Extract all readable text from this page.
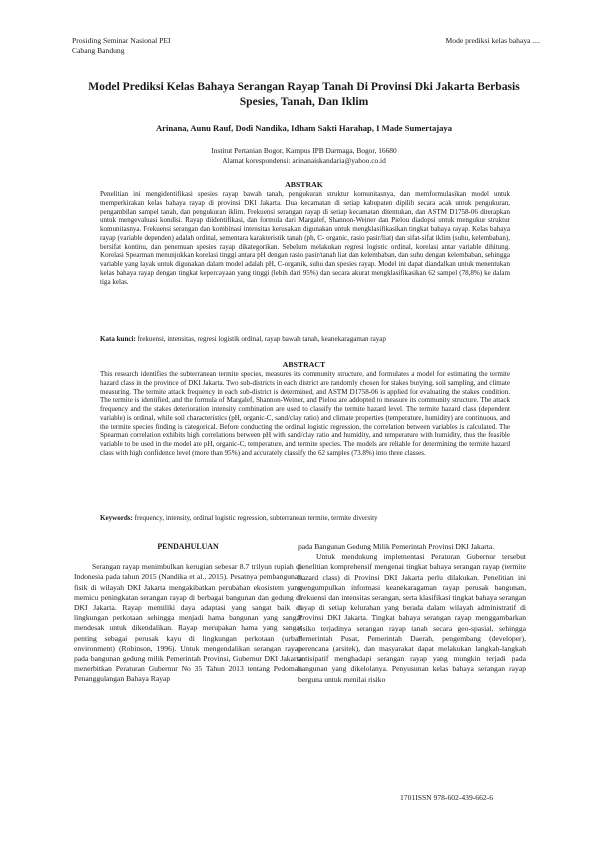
Prosiding Seminar Nasional PEI
Cabang Bandung
Mode prediksi kelas bahaya ....
Model Prediksi Kelas Bahaya Serangan Rayap Tanah Di Provinsi Dki Jakarta Berbasis Spesies, Tanah, Dan Iklim
Arinana, Aunu Rauf, Dodi Nandika, Idham Sakti Harahap, I Made Sumertajaya
Institut Pertanian Bogor, Kampus IPB Darmaga, Bogor, 16680
Alamat korespondensi: arinanaiskandaria@yahoo.co.id
ABSTRAK
Penelitian ini mengidentifikasi spesies rayap bawah tanah, pengukuran struktur komunitasnya, dan memformulasikan model untuk memperkirakan kelas bahaya rayap di provinsi DKI Jakarta. Dua kecamatan di setiap kabupaten dipilih secara acak untuk pengukuran, pengambilan sampel tanah, dan pengukuran iklim. Frekuensi serangan rayap di setiap kecamatan ditentukan, dan ASTM D1758-06 diterapkan untuk mengevaluasi kondisi. Rayap diidentifikasi, dan formula dari Margalef, Shannon-Weiner dan Pielou diadopsi untuk mengukur struktur komunitasnya. Frekuensi serangan dan kombinasi intensitas kerusakan digunakan untuk mengklasifikasikan tingkat bahaya rayap. Kelas bahaya rayap (variable dependen) adalah ordinal, sementara karakteristik tanah (ph, C- organic, rasio pasir/liat) dan sifat-sifat iklim (suhu, kelembaban), bersifat kontinu, dan penemuan spesies rayap dikategorikan. Sebelum melakukan regresi logistic ordinal, korelasi antar variable dihitung. Korelasi Spearman menunjukkan korelasi tinggi antara pH dengan rasio pasir/tanah liat dan kelembaban, dan suhu dengan kelembaban, sehingga variable yang layak untuk digunakan dalam model adalah pH, C-organik, suhu dan spesies rayap. Model ini dapat diandalkan untuk menentukan kelas bahaya rayap dengan tingkat kepercayaan yang tinggi (lebih dari 95%) dan secara akurat mengklasifikasikan 62 sampel (78,8%) ke dalam tiga kelas.
Kata kunci: frekuensi, intensitas, regresi logistik ordinal, rayap bawah tanah, keanekaragaman rayap
ABSTRACT
This research identifies the subterranean termite species, measures its community structure, and formulates a model for estimating the termite hazard class in the province of DKI Jakarta. Two sub-districts in each district are randomly chosen for stakes burying, soil sampling, and climate measuring. The termite attack frequency in each sub-district is determined, and ASTM D1758-06 is applied for evaluating the stakes condition. The termite is identified, and the formula of Margalef, Shannon-Weiner, and Pielou are addopted to measure its community structure. The attack frequency and the stakes deterioration intensity combination are used to classify the termite hazard level. The termite hazard class (dependent variable) is ordinal, while soil characteristics (pH, organic-C, sand/clay ratio) and climate properties (temperature, humidity) are continuous, and the termite species finding is categorical. Before conducting the ordinal logistic regression, the correlation between variables is calculated. The Spearman correlation exhibits high correlations between pH with sand/clay ratio and humidity, and temperature with humidity, thus the feasible variable to be used in the model are pH, organic-C, temperature, and termite species. The models are reliable for determining the termite hazard class with high confidence level (more than 95%) and accurately classify the 62 samples (73.8%) into three classes.
Keywords: frequency, intensity, ordinal logistic regression, subterranean termite, termite diversity

PENDAHULUAN

Serangan rayap menimbulkan kerugian sebesar 8.7 trilyun rupiah di Indonesia pada tahun 2015 (Nandika et al., 2015). Pesatnya pembangunan fisik di wilayah DKI Jakarta mengakibatkan perubahan ekosistem yang memicu peningkatan serangan rayap di berbagai bangunan dan gedung di DKI Jakarta. Rayap memiliki daya adaptasi yang sangat baik di lingkungan perkotaan sehingga menjadi hama bangunan yang sangat mendesak untuk dikendalikan. Rayap merupakan hama yang sangat penting sebagai perusak kayu di lingkungan perkotaan (urban environment) (Robinson, 1996). Untuk mengendalikan serangan rayap pada bangunan gedung milik Pemerintah Provinsi, Gubernur DKI Jakarta menerbitkan Peraturan Gubernur No 35 Tahun 2013 tentang Pedoman Penanggulangan Bahaya Rayap

pada Bangunan Gedung Milik Pemerintah Provinsi DKI Jakarta.

Untuk mendukung implementasi Peraturan Gubernur tersebut penelitian komprehensif mengenai tingkat bahaya serangan rayap (termite hazard class) di Provinsi DKI Jakarta perlu dilakukan. Penelitian ini mengumpulkan informasi keanekaragaman rayap perusak bangunan, frekuensi dan intensitas serangan, serta klasifikasi tingkat bahaya serangan rayap di setiap kelurahan yang berada dalam wilayah administratif di Provinsi DKI Jakarta. Tingkat bahaya serangan rayap menggambarkan risiko terjadinya serangan rayap tanah secara geo-spasial, sehingga Pemerintah Pusat, Pemerintah Daerah, pengembang (developer), perencana (arsitek), dan masyarakat dapat melakukan langkah-langkah antisipatif menghadapi serangan rayap yang mungkin terjadi pada bangunan yang dikelolanya. Penyusunan kelas bahaya serangan rayap berguna untuk menilai risiko

1701ISSN 978-602-439-662-6
